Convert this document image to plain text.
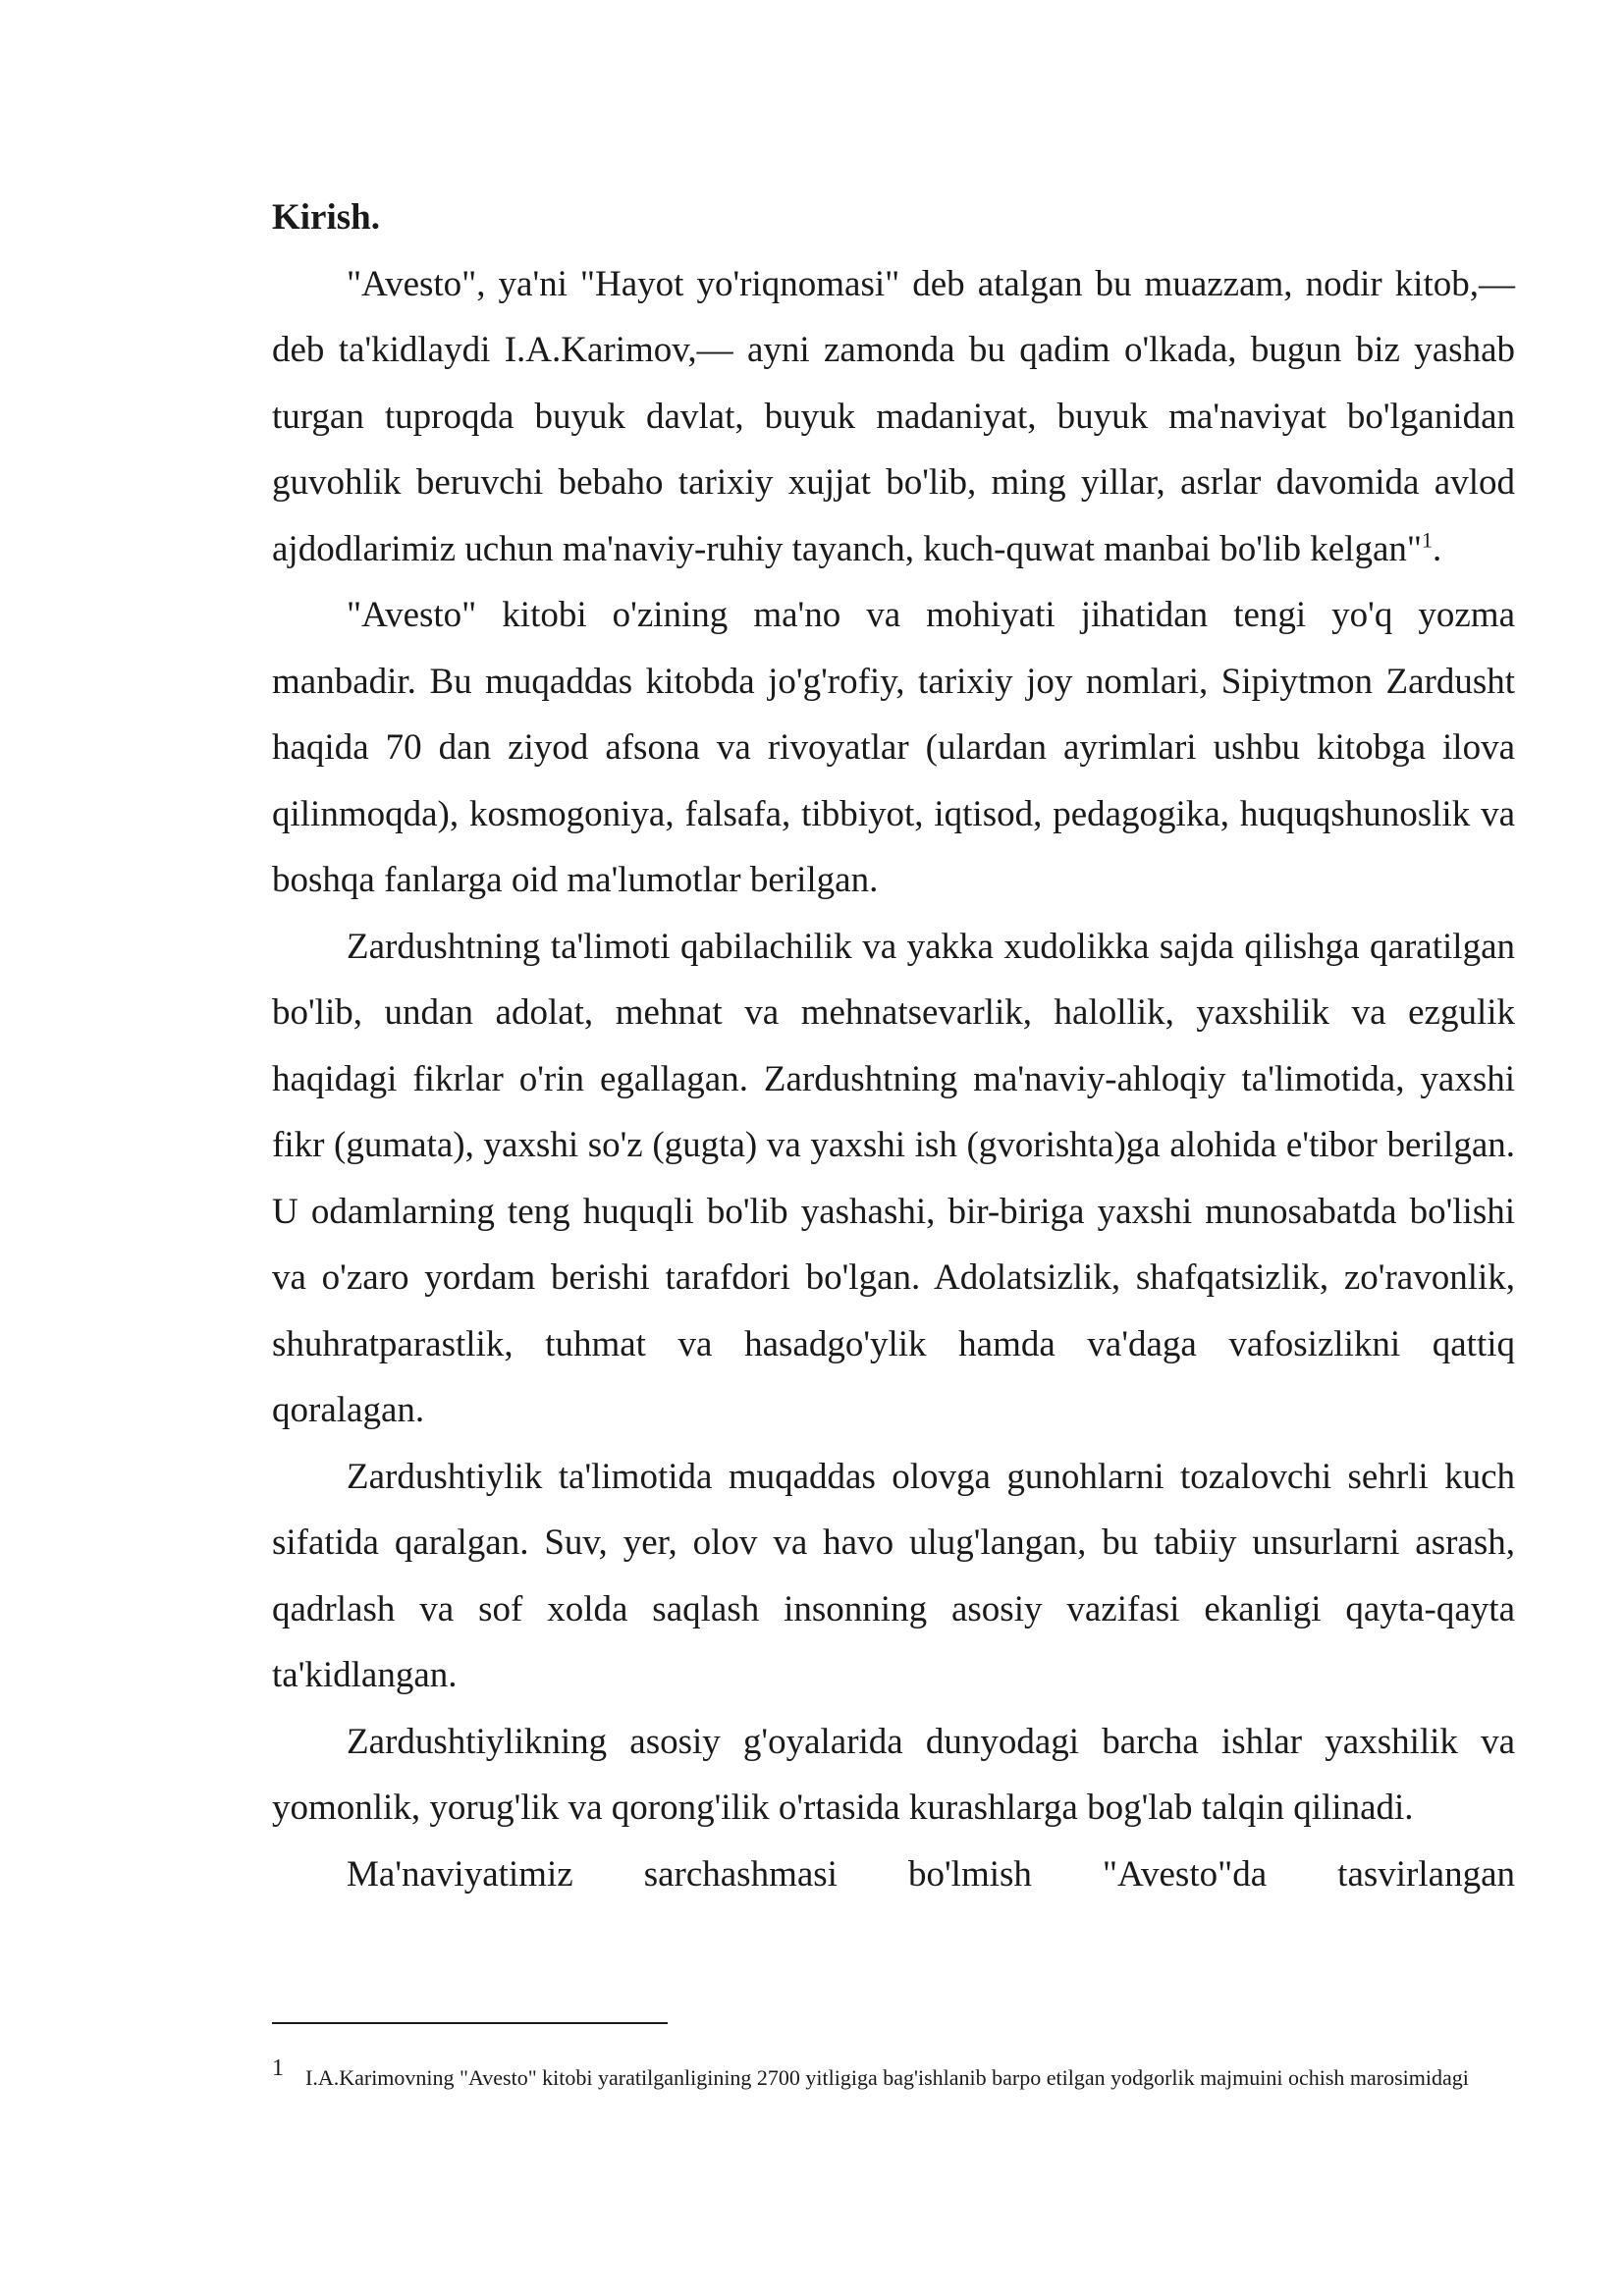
Kirish.

"Avesto", ya'ni "Hayot yo'riqnomasi" deb atalgan bu muazzam, nodir kitob,— deb ta'kidlaydi I.A.Karimov,— ayni zamonda bu qadim o'lkada, bugun biz yashab turgan tuproqda buyuk davlat, buyuk madaniyat, buyuk ma'naviyat bo'lganidan guvohlik beruvchi bebaho tarixiy xujjat bo'lib, ming yillar, asrlar davomida avlod ajdodlarimiz uchun ma'naviy-ruhiy tayanch, kuch-quwat manbai bo'lib kelgan"$^1$.

"Avesto" kitobi o'zining ma'no va mohiyati jihatidan tengi yo'q yozma manbadir. Bu muqaddas kitobda jo'g'rofiy, tarixiy joy nomlari, Sipiytmon Zardusht haqida 70 dan ziyod afsona va rivoyatlar (ulardan ayrimlari ushbu kitobga ilova qilinmoqda), kosmogoniya, falsafa, tibbiyot, iqtisod, pedagogika, huquqshunoslik va boshqa fanlarga oid ma'lumotlar berilgan.

Zardushtning ta'limoti qabilachilik va yakka xudolikka sajda qilishga qaratilgan bo'lib, undan adolat, mehnat va mehnatsevarlik, halollik, yaxshilik va ezgulik haqidagi fikrlar o'rin egallagan. Zardushtning ma'naviy-ahloqiy ta'limotida, yaxshi fikr (gumata), yaxshi so'z (gugta) va yaxshi ish (gvorishta)ga alohida e'tibor berilgan. U odamlarning teng huquqli bo'lib yashashi, bir-biriga yaxshi munosabatda bo'lishi va o'zaro yordam berishi tarafdori bo'lgan. Adolatsizlik, shafqatsizlik, zo'ravonlik, shuhratparastlik, tuhmat va hasadgo'ylik hamda va'daga vafosizlikni qattiq qoralagan.

Zardushtiylik ta'limotida muqaddas olovga gunohlarni tozalovchi sehrli kuch sifatida qaralgan. Suv, yer, olov va havo ulug'langan, bu tabiiy unsurlarni asrash, qadrlash va sof xolda saqlash insonning asosiy vazifasi ekanligi qayta-qayta ta'kidlangan.

Zardushtiylikning asosiy g'oyalarida dunyodagi barcha ishlar yaxshilik va yomonlik, yorug'lik va qorong'ilik o'rtasida kurashlarga bog'lab talqin qilinadi.

Ma'naviyatimiz sarchashmasi bo'lmish "Avesto"da tasvirlangan

1 I.A.Karimovning "Avesto" kitobi yaratilganligining 2700 yitligiga bag'ishlanib barpo etilgan yodgorlik majmuini ochish marosimidagi
